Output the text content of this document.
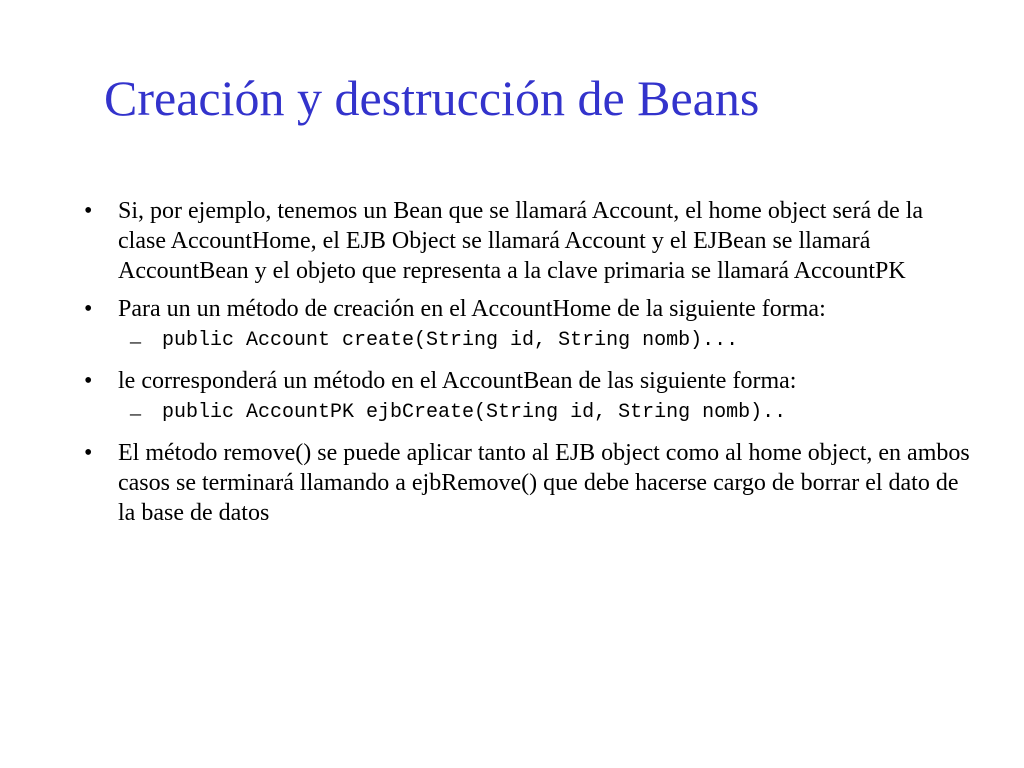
Creación y destrucción de Beans
• Si, por ejemplo, tenemos un Bean que se llamará Account, el home object será de la clase AccountHome, el EJB Object se llamará Account y el EJBean se llamará AccountBean y el objeto que representa a la clave primaria se llamará AccountPK
• Para un un método de creación en el AccountHome de la siguiente forma:
– public Account create(String id, String nomb)...
• le corresponderá un método en el AccountBean de las siguiente forma:
– public AccountPK ejbCreate(String id, String nomb)..
• El método remove() se puede aplicar tanto al EJB object como al home object, en ambos casos se terminará llamando a ejbRemove() que debe hacerse cargo de borrar el dato de la base de datos
